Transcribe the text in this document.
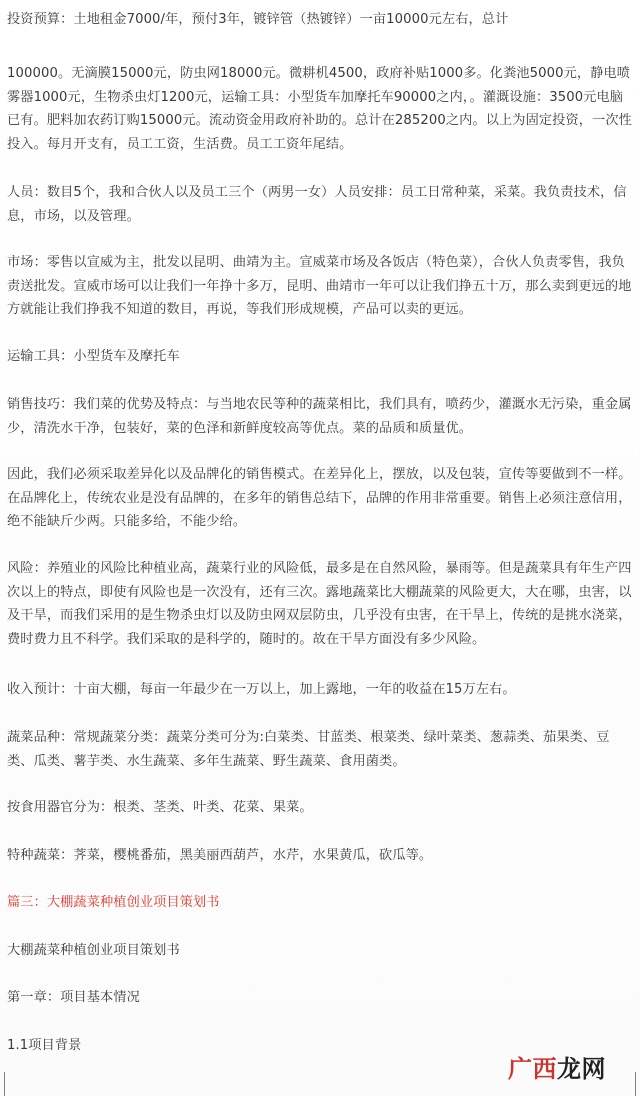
投资预算：土地租金7000/年，预付3年，镀锌管（热镀锌）一亩10000元左右，总计

100000。无滴膜15000元，防虫网18000元。微耕机4500，政府补贴1000多。化粪池5000元，静电喷雾器1000元，生物杀虫灯1200元，运输工具：小型货车加摩托车90000之内，。灌溉设施：3500元电脑已有。肥料加农药订购15000元。流动资金用政府补助的。总计在285200之内。以上为固定投资，一次性投入。每月开支有，员工工资，生活费。员工工资年尾结。

人员：数目5个，我和合伙人以及员工三个（两男一女）人员安排：员工日常种菜，采菜。我负责技术，信息，市场，以及管理。

市场：零售以宣威为主，批发以昆明、曲靖为主。宣威菜市场及各饭店（特色菜），合伙人负责零售，我负责送批发。宣威市场可以让我们一年挣十多万，昆明、曲靖市一年可以让我们挣五十万，那么卖到更远的地方就能让我们挣我不知道的数目，再说，等我们形成规模，产品可以卖的更远。

运输工具：小型货车及摩托车

销售技巧：我们菜的优势及特点：与当地农民等种的蔬菜相比，我们具有，喷药少，灌溉水无污染，重金属少，清洗水干净，包装好，菜的色泽和新鲜度较高等优点。菜的品质和质量优。

因此，我们必须采取差异化以及品牌化的销售模式。在差异化上，摆放，以及包装，宣传等要做到不一样。在品牌化上，传统农业是没有品牌的，在多年的销售总结下，品牌的作用非常重要。销售上必须注意信用，绝不能缺斤少两。只能多给，不能少给。

风险：养殖业的风险比种植业高，蔬菜行业的风险低，最多是在自然风险，暴雨等。但是蔬菜具有年生产四次以上的特点，即使有风险也是一次没有，还有三次。露地蔬菜比大棚蔬菜的风险更大，大在哪，虫害，以及干旱，而我们采用的是生物杀虫灯以及防虫网双层防虫，几乎没有虫害，在干旱上，传统的是挑水浇菜，费时费力且不科学。我们采取的是科学的，随时的。故在干旱方面没有多少风险。

收入预计：十亩大棚，每亩一年最少在一万以上，加上露地，一年的收益在15万左右。

蔬菜品种：常规蔬菜分类：蔬菜分类可分为:白菜类、甘蓝类、根菜类、绿叶菜类、葱蒜类、茄果类、豆类、瓜类、薯芋类、水生蔬菜、多年生蔬菜、野生蔬菜、食用菌类。

按食用器官分为：根类、茎类、叶类、花菜、果菜。

特种蔬菜：荠菜，樱桃番茄，黑美丽西葫芦，水芹，水果黄瓜，砍瓜等。

篇三：大棚蔬菜种植创业项目策划书

大棚蔬菜种植创业项目策划书

第一章：项目基本情况

1.1项目背景

广西龙网
